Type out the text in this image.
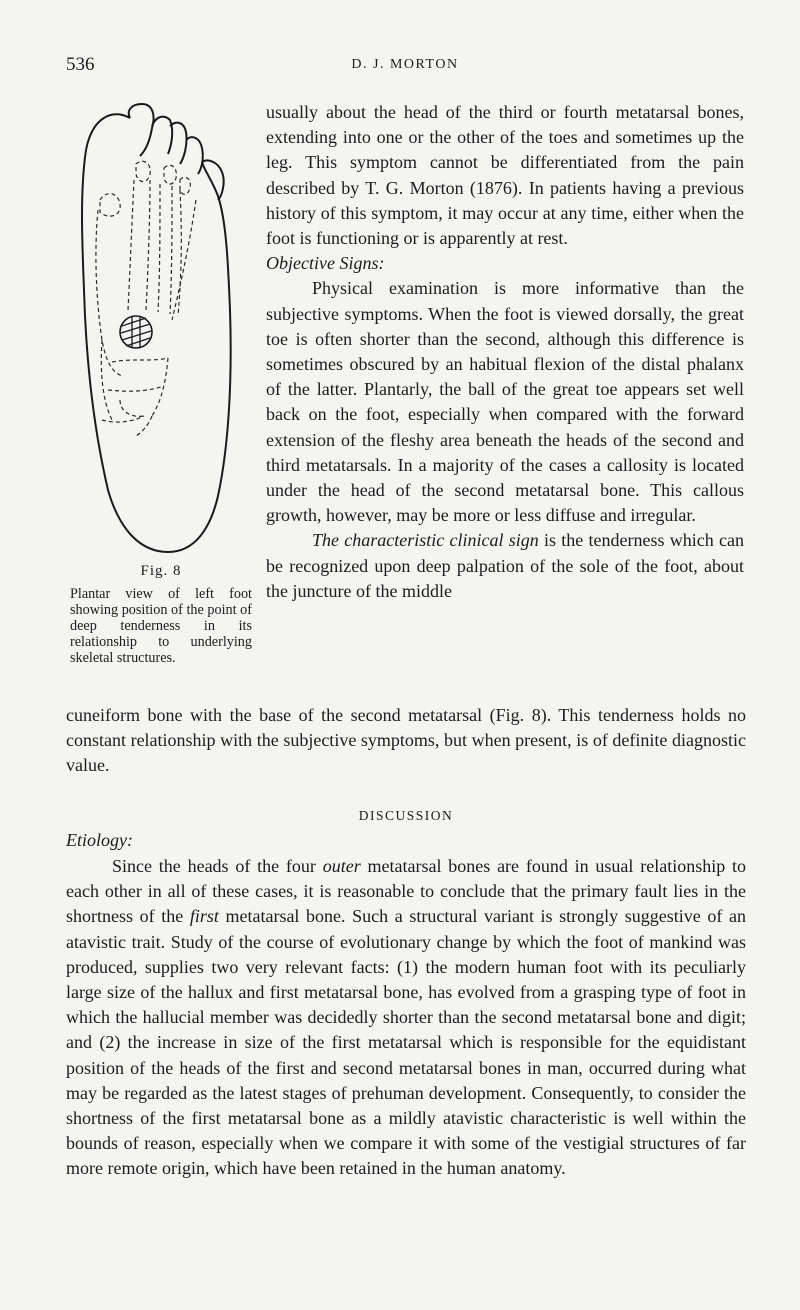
536	D. J. MORTON
Fig. 8
Plantar view of left foot showing position of the point of deep tenderness in its relationship to underlying skeletal structures.

usually about the head of the third or fourth metatarsal bones, extending into one or the other of the toes and sometimes up the leg. This symptom cannot be differentiated from the pain described by T. G. Morton (1876). In patients having a previous history of this symptom, it may occur at any time, either when the foot is functioning or is apparently at rest.

Objective Signs:

Physical examination is more informative than the subjective symptoms. When the foot is viewed dorsally, the great toe is often shorter than the second, although this difference is sometimes obscured by an habitual flexion of the distal phalanx of the latter. Plantarly, the ball of the great toe appears set well back on the foot, especially when compared with the forward extension of the fleshy area beneath the heads of the second and third metatarsals. In a majority of the cases a callosity is located under the head of the second metatarsal bone. This callous growth, however, may be more or less diffuse and irregular.

The characteristic clinical sign is the tenderness which can be recognized upon deep palpation of the sole of the foot, about the juncture of the middle

cuneiform bone with the base of the second metatarsal (Fig. 8). This tenderness holds no constant relationship with the subjective symptoms, but when present, is of definite diagnostic value.

DISCUSSION
Etiology:

Since the heads of the four outer metatarsal bones are found in usual relationship to each other in all of these cases, it is reasonable to conclude that the primary fault lies in the shortness of the first metatarsal bone. Such a structural variant is strongly suggestive of an atavistic trait. Study of the course of evolutionary change by which the foot of mankind was produced, supplies two very relevant facts: (1) the modern human foot with its peculiarly large size of the hallux and first metatarsal bone, has evolved from a grasping type of foot in which the hallucial member was decidedly shorter than the second metatarsal bone and digit; and (2) the increase in size of the first metatarsal which is responsible for the equidistant position of the heads of the first and second metatarsal bones in man, occurred during what may be regarded as the latest stages of prehuman development. Consequently, to consider the shortness of the first metatarsal bone as a mildly atavistic characteristic is well within the bounds of reason, especially when we compare it with some of the vestigial structures of far more remote origin, which have been retained in the human anatomy.
